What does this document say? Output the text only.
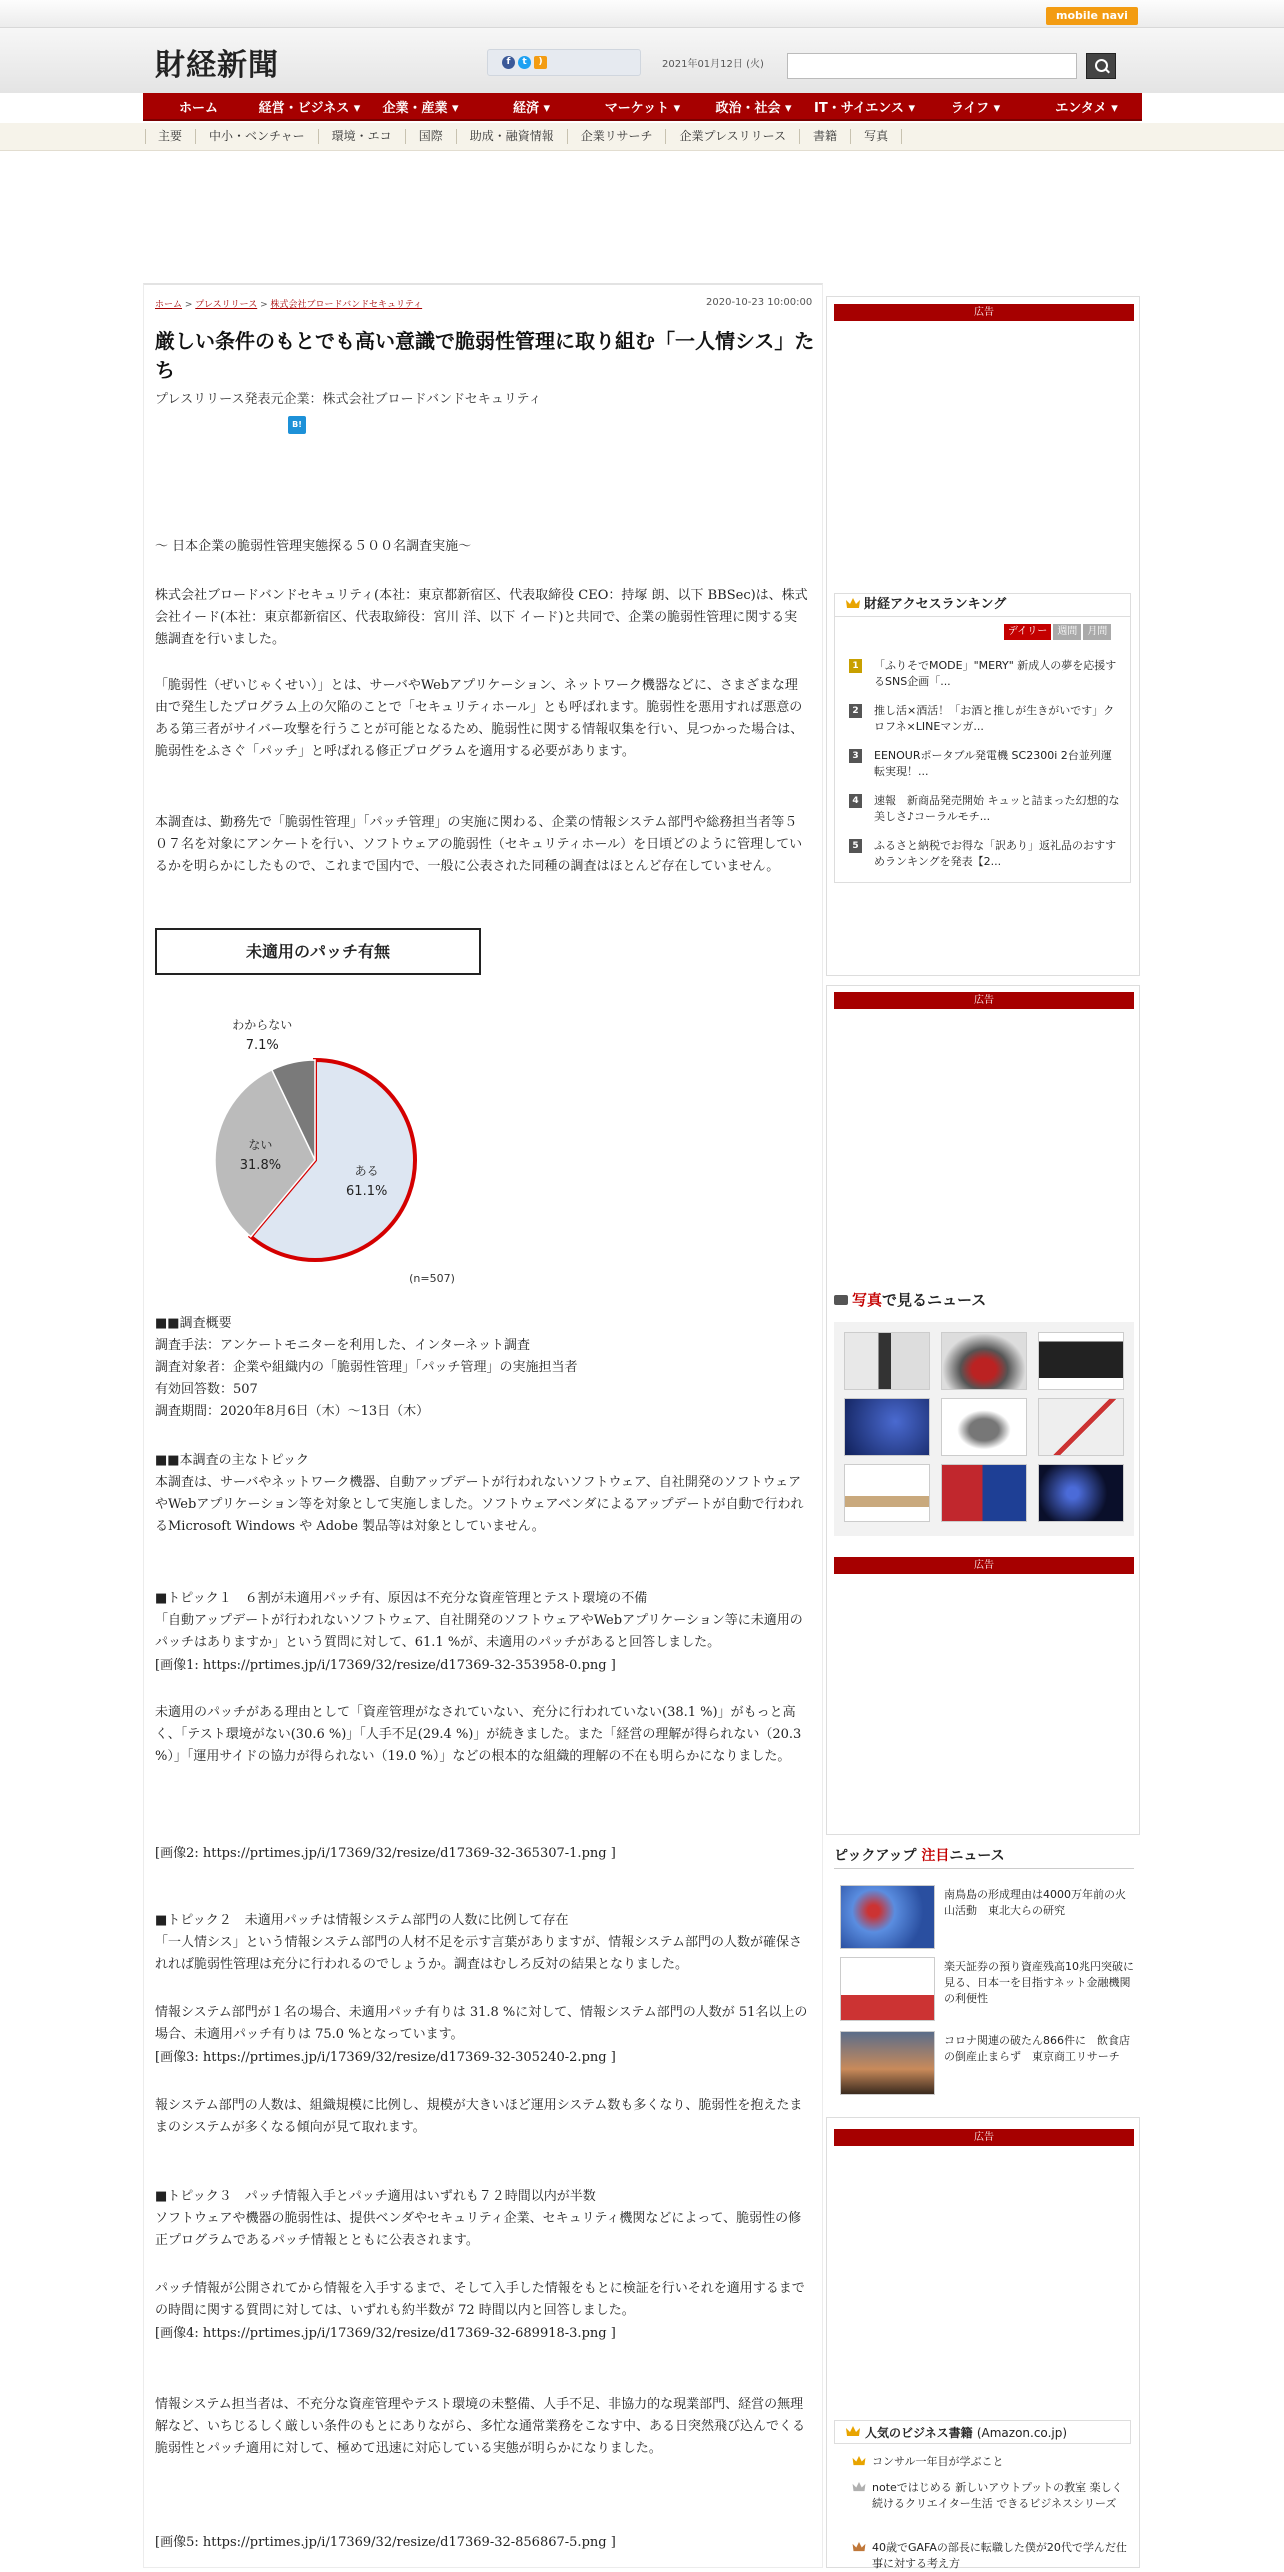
mobile navi
財経新聞	f	t	)	2021年01月12日 (火)
ホーム	経営・ビジネス ▾	企業・産業 ▾	経済 ▾	マーケット ▾	政治・社会 ▾	IT・サイエンス ▾	ライフ ▾	エンタメ ▾
主要	中小・ベンチャー	環境・エコ	国際	助成・融資情報	企業リサーチ	企業プレスリリース	書籍	写真
ホーム > プレスリリース > 株式会社ブロードバンドセキュリティ	2020-10-23 10:00:00
厳しい条件のもとでも高い意識で脆弱性管理に取り組む「一人情シス」たち
プレスリリース発表元企業：株式会社ブロードバンドセキュリティ
B!
～ 日本企業の脆弱性管理実態探る５００名調査実施～
株式会社ブロードバンドセキュリティ(本社：東京都新宿区、代表取締役 CEO：持塚 朗、以下 BBSec)は、株式会社イード(本社：東京都新宿区、代表取締役：宮川 洋、以下 イード)と共同で、企業の脆弱性管理に関する実態調査を行いました。
「脆弱性（ぜいじゃくせい）」とは、サーバやWebアプリケーション、ネットワーク機器などに、さまざまな理由で発生したプログラム上の欠陥のことで「セキュリティホール」とも呼ばれます。脆弱性を悪用すれば悪意のある第三者がサイバー攻撃を行うことが可能となるため、脆弱性に関する情報収集を行い、見つかった場合は、脆弱性をふさぐ「パッチ」と呼ばれる修正プログラムを適用する必要があります。
本調査は、勤務先で「脆弱性管理」「パッチ管理」の実施に関わる、企業の情報システム部門や総務担当者等５０７名を対象にアンケートを行い、ソフトウェアの脆弱性（セキュリティホール）を日頃どのように管理しているかを明らかにしたもので、これまで国内で、一般に公表された同種の調査はほとんど存在していません。
未適用のパッチ有無
ある
61.1%
ない
31.8%
わからない
7.1%
(n=507)
■■調査概要
調査手法：アンケートモニターを利用した、インターネット調査
調査対象者：企業や組織内の「脆弱性管理」「パッチ管理」の実施担当者
有効回答数：507
調査期間：2020年8月6日（木）～13日（木）
■■本調査の主なトピック
本調査は、サーバやネットワーク機器、自動アップデートが行われないソフトウェア、自社開発のソフトウェアやWebアプリケーション等を対象として実施しました。ソフトウェアベンダによるアップデートが自動で行われるMicrosoft Windows や Adobe 製品等は対象としていません。
■トピック１　６割が未適用パッチ有、原因は不充分な資産管理とテスト環境の不備
「自動アップデートが行われないソフトウェア、自社開発のソフトウェアやWebアプリケーション等に未適用のパッチはありますか」という質問に対して、61.1 %が、未適用のパッチがあると回答しました。
[画像1: https://prtimes.jp/i/17369/32/resize/d17369-32-353958-0.png ]
未適用のパッチがある理由として「資産管理がなされていない、充分に行われていない(38.1 %)」がもっと高く、「テスト環境がない(30.6 %)」「人手不足(29.4 %)」が続きました。また「経営の理解が得られない（20.3 %）」「運用サイドの協力が得られない（19.0 %）」などの根本的な組織的理解の不在も明らかになりました。
[画像2: https://prtimes.jp/i/17369/32/resize/d17369-32-365307-1.png ]
■トピック２　未適用パッチは情報システム部門の人数に比例して存在
「一人情シス」という情報システム部門の人材不足を示す言葉がありますが、情報システム部門の人数が確保されれば脆弱性管理は充分に行われるのでしょうか。調査はむしろ反対の結果となりました。
情報システム部門が１名の場合、未適用パッチ有りは 31.8 %に対して、情報システム部門の人数が 51名以上の場合、未適用パッチ有りは 75.0 %となっています。
[画像3: https://prtimes.jp/i/17369/32/resize/d17369-32-305240-2.png ]
報システム部門の人数は、組織規模に比例し、規模が大きいほど運用システム数も多くなり、脆弱性を抱えたままのシステムが多くなる傾向が見て取れます。
■トピック３　パッチ情報入手とパッチ適用はいずれも７２時間以内が半数
ソフトウェアや機器の脆弱性は、提供ベンダやセキュリティ企業、セキュリティ機関などによって、脆弱性の修正プログラムであるパッチ情報とともに公表されます。
パッチ情報が公開されてから情報を入手するまで、そして入手した情報をもとに検証を行いそれを適用するまでの時間に関する質問に対しては、いずれも約半数が 72 時間以内と回答しました。
[画像4: https://prtimes.jp/i/17369/32/resize/d17369-32-689918-3.png ]
情報システム担当者は、不充分な資産管理やテスト環境の未整備、人手不足、非協力的な現業部門、経営の無理解など、いちじるしく厳しい条件のもとにありながら、多忙な通常業務をこなす中、ある日突然飛び込んでくる脆弱性とパッチ適用に対して、極めて迅速に対応している実態が明らかになりました。
[画像5: https://prtimes.jp/i/17369/32/resize/d17369-32-856867-5.png ]
広告
財経アクセスランキング
デイリー	週間	月間
1	「ふりそでMODE」"MERY" 新成人の夢を応援するSNS企画「...
2	推し活×酒活！「お酒と推しが生きがいです」クロフネ×LINEマンガ...
3	EENOURポータブル発電機 SC2300i 2台並列運転実現！...
4	速報　新商品発売開始 キュッと詰まった幻想的な美しさ♪コーラルモチ...
5	ふるさと納税でお得な「訳あり」返礼品のおすすめランキングを発表【2...
広告
写真で見るニュース
広告
ピックアップ 注目ニュース
南鳥島の形成理由は4000万年前の火山活動　東北大らの研究
楽天証券の預り資産残高10兆円突破に見る、日本一を目指すネット金融機関の利便性
コロナ関連の破たん866件に　飲食店の倒産止まらず　東京商工リサーチ
広告
人気のビジネス書籍 (Amazon.co.jp)
コンサル一年目が学ぶこと
noteではじめる 新しいアウトプットの教室 楽しく続けるクリエイター生活 できるビジネスシリーズ
40歳でGAFAの部長に転職した僕が20代で学んだ仕事に対する考え方
